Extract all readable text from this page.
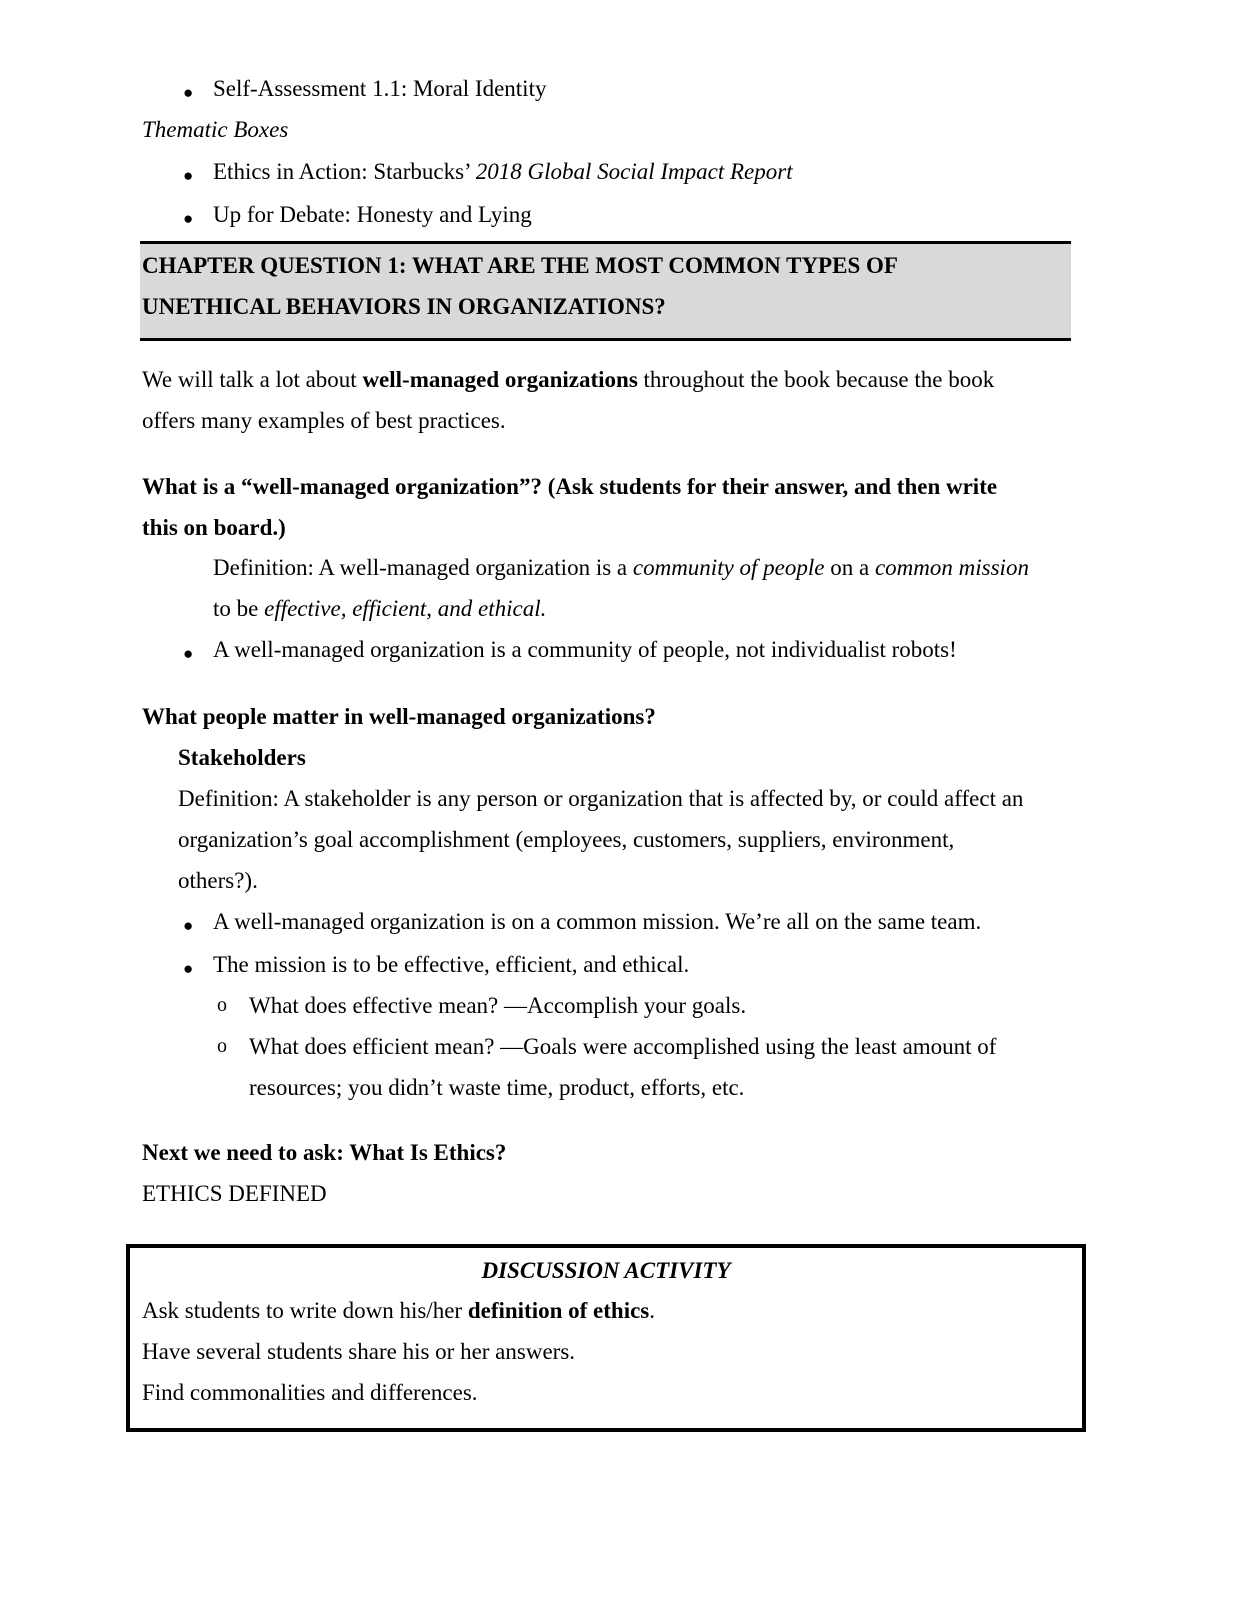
● Self-Assessment 1.1: Moral Identity
Thematic Boxes
● Ethics in Action: Starbucks’ 2018 Global Social Impact Report
● Up for Debate: Honesty and Lying
CHAPTER QUESTION 1: WHAT ARE THE MOST COMMON TYPES OF
UNETHICAL BEHAVIORS IN ORGANIZATIONS?
We will talk a lot about well-managed organizations throughout the book because the book
offers many examples of best practices.
What is a “well-managed organization”? (Ask students for their answer, and then write
this on board.)
Definition: A well-managed organization is a community of people on a common mission
to be effective, efficient, and ethical.
● A well-managed organization is a community of people, not individualist robots!
What people matter in well-managed organizations?
Stakeholders
Definition: A stakeholder is any person or organization that is affected by, or could affect an
organization’s goal accomplishment (employees, customers, suppliers, environment,
others?).
● A well-managed organization is on a common mission. We’re all on the same team.
● The mission is to be effective, efficient, and ethical.
o What does effective mean? —Accomplish your goals.
o What does efficient mean? —Goals were accomplished using the least amount of
resources; you didn’t waste time, product, efforts, etc.
Next we need to ask: What Is Ethics?
ETHICS DEFINED
DISCUSSION ACTIVITY
Ask students to write down his/her definition of ethics.
Have several students share his or her answers.
Find commonalities and differences.
